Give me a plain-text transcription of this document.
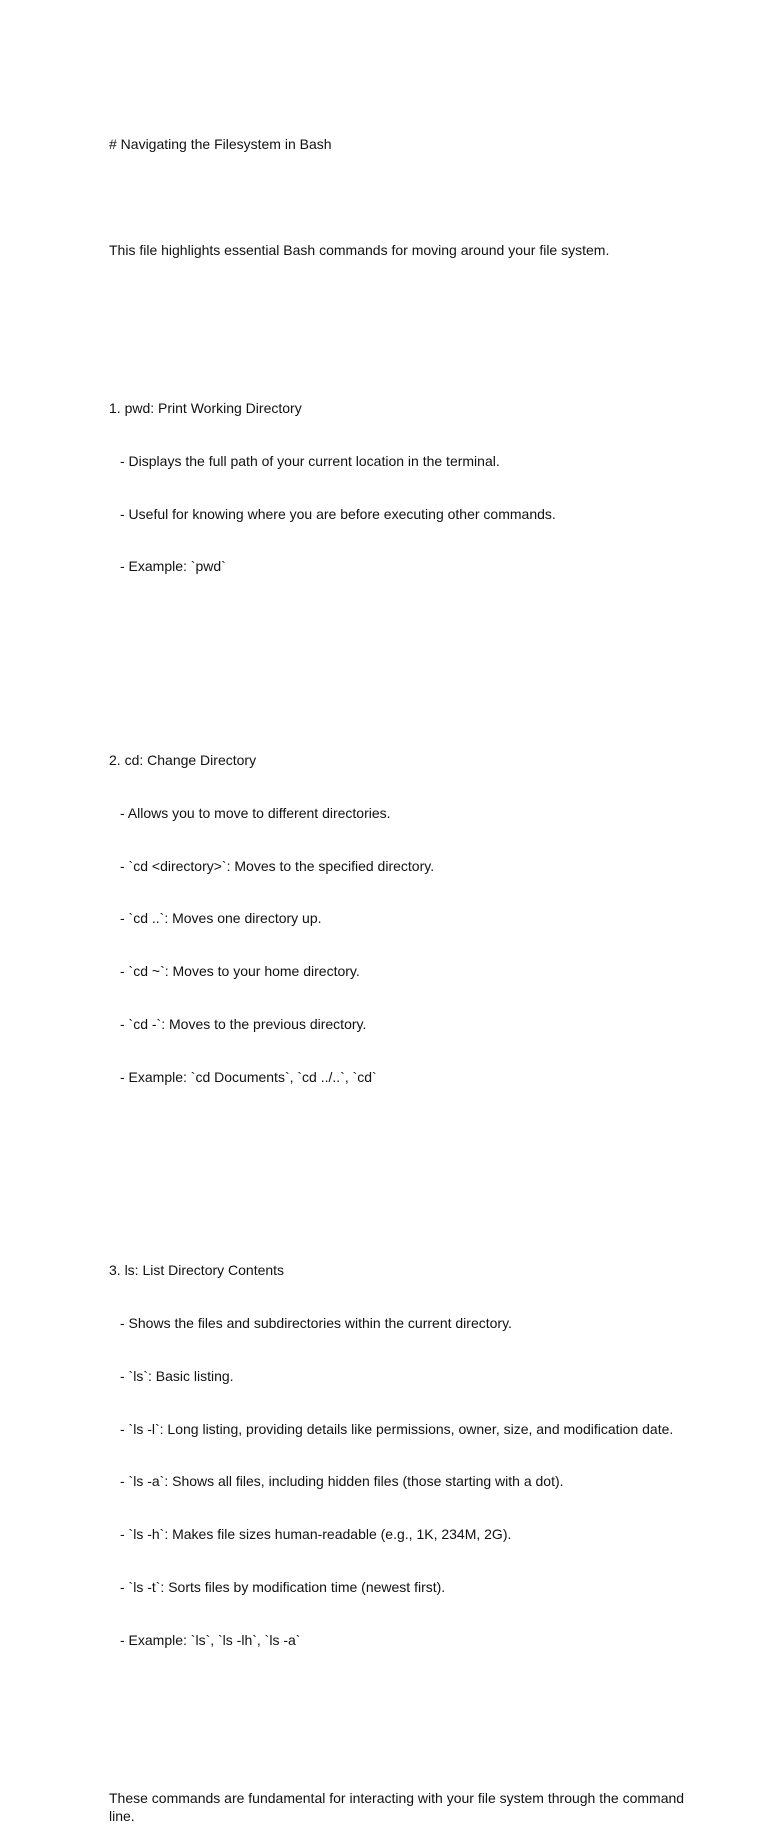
# Navigating the Filesystem in Bash

This file highlights essential Bash commands for moving around your file system.

1. pwd: Print Working Directory

- Displays the full path of your current location in the terminal.

- Useful for knowing where you are before executing other commands.

- Example: `pwd`

2. cd: Change Directory

- Allows you to move to different directories.

- `cd <directory>`: Moves to the specified directory.

- `cd ..`: Moves one directory up.

- `cd ~`: Moves to your home directory.

- `cd -`: Moves to the previous directory.

- Example: `cd Documents`, `cd ../..`, `cd`

3. ls: List Directory Contents

- Shows the files and subdirectories within the current directory.

- `ls`: Basic listing.

- `ls -l`: Long listing, providing details like permissions, owner, size, and modification date.

- `ls -a`: Shows all files, including hidden files (those starting with a dot).

- `ls -h`: Makes file sizes human-readable (e.g., 1K, 234M, 2G).

- `ls -t`: Sorts files by modification time (newest first).

- Example: `ls`, `ls -lh`, `ls -a`

These commands are fundamental for interacting with your file system through the command line.
